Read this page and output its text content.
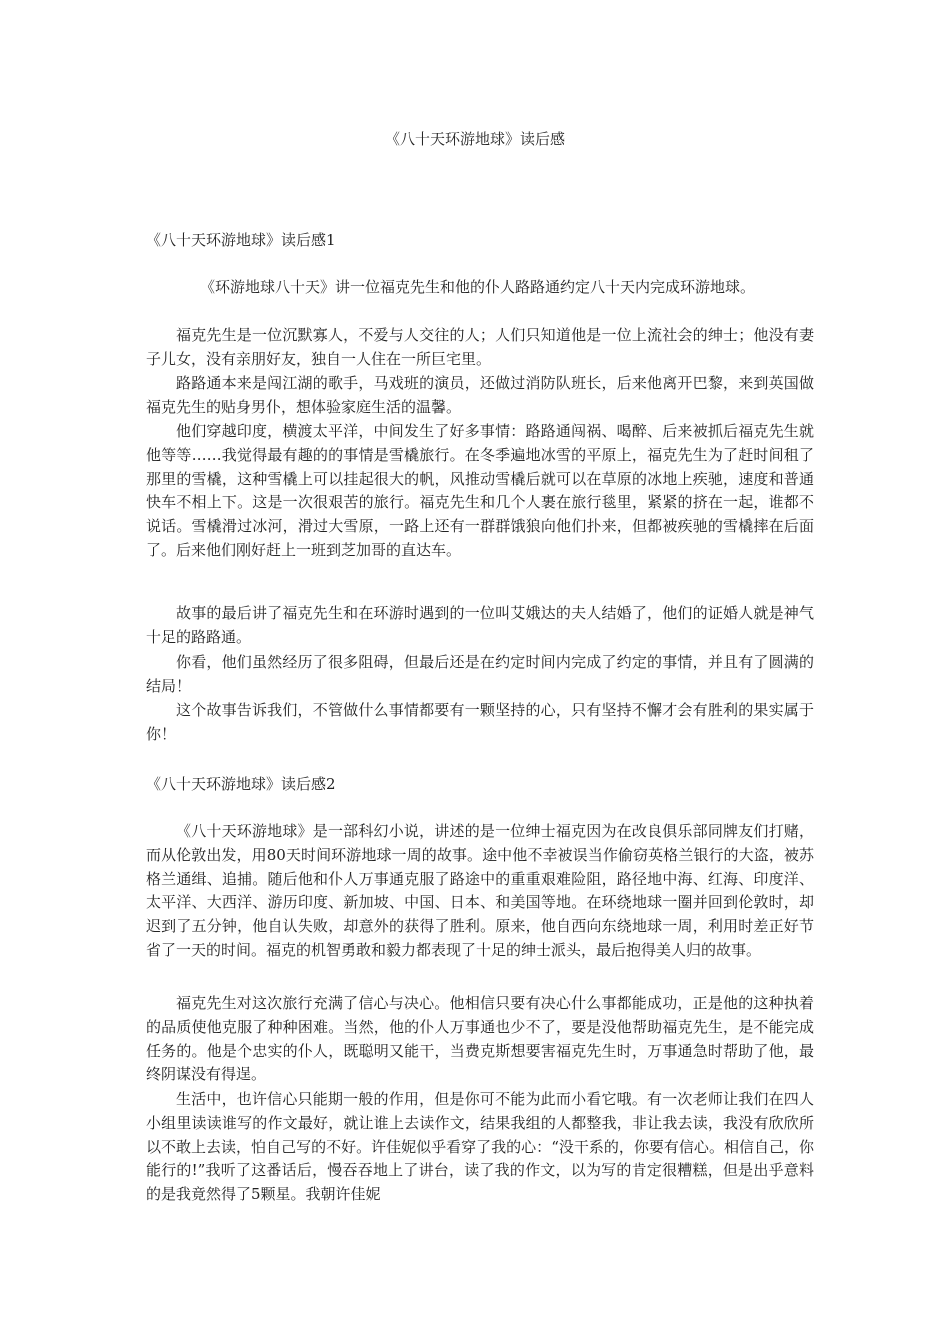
《八十天环游地球》读后感
《八十天环游地球》读后感1
《环游地球八十天》讲一位福克先生和他的仆人路路通约定八十天内完成环游地球。
福克先生是一位沉默寡人，不爱与人交往的人；人们只知道他是一位上流社会的绅士；他没有妻子儿女，没有亲朋好友，独自一人住在一所巨宅里。
路路通本来是闯江湖的歌手，马戏班的演员，还做过消防队班长，后来他离开巴黎，来到英国做福克先生的贴身男仆，想体验家庭生活的温馨。
他们穿越印度，横渡太平洋，中间发生了好多事情：路路通闯祸、喝醉、后来被抓后福克先生就他等等……我觉得最有趣的的事情是雪橇旅行。在冬季遍地冰雪的平原上，福克先生为了赶时间租了那里的雪橇，这种雪橇上可以挂起很大的帆，风推动雪橇后就可以在草原的冰地上疾驰，速度和普通快车不相上下。这是一次很艰苦的旅行。福克先生和几个人裹在旅行毯里，紧紧的挤在一起，谁都不说话。雪橇滑过冰河，滑过大雪原，一路上还有一群群饿狼向他们扑来，但都被疾驰的雪橇摔在后面了。后来他们刚好赶上一班到芝加哥的直达车。
故事的最后讲了福克先生和在环游时遇到的一位叫艾娥达的夫人结婚了，他们的证婚人就是神气十足的路路通。
你看，他们虽然经历了很多阻碍，但最后还是在约定时间内完成了约定的事情，并且有了圆满的结局！
这个故事告诉我们，不管做什么事情都要有一颗坚持的心，只有坚持不懈才会有胜利的果实属于你！
《八十天环游地球》读后感2
《八十天环游地球》是一部科幻小说，讲述的是一位绅士福克因为在改良俱乐部同牌友们打赌，而从伦敦出发，用80天时间环游地球一周的故事。途中他不幸被误当作偷窃英格兰银行的大盗，被苏格兰通缉、追捕。随后他和仆人万事通克服了路途中的重重艰难险阻，路径地中海、红海、印度洋、太平洋、大西洋、游历印度、新加坡、中国、日本、和美国等地。在环绕地球一圈并回到伦敦时，却迟到了五分钟，他自认失败，却意外的获得了胜利。原来，他自西向东绕地球一周，利用时差正好节省了一天的时间。福克的机智勇敢和毅力都表现了十足的绅士派头，最后抱得美人归的故事。
福克先生对这次旅行充满了信心与决心。他相信只要有决心什么事都能成功，正是他的这种执着的品质使他克服了种种困难。当然，他的仆人万事通也少不了，要是没他帮助福克先生，是不能完成任务的。他是个忠实的仆人，既聪明又能干，当费克斯想要害福克先生时，万事通急时帮助了他，最终阴谋没有得逞。
生活中，也许信心只能期一般的作用，但是你可不能为此而小看它哦。有一次老师让我们在四人小组里读读谁写的作文最好，就让谁上去读作文，结果我组的人都整我，非让我去读，我没有欣欣所以不敢上去读，怕自己写的不好。许佳妮似乎看穿了我的心：“没干系的，你要有信心。相信自己，你能行的!”我听了这番话后，慢吞吞地上了讲台，读了我的作文，以为写的肯定很糟糕，但是出乎意料的是我竟然得了5颗星。我朝许佳妮
